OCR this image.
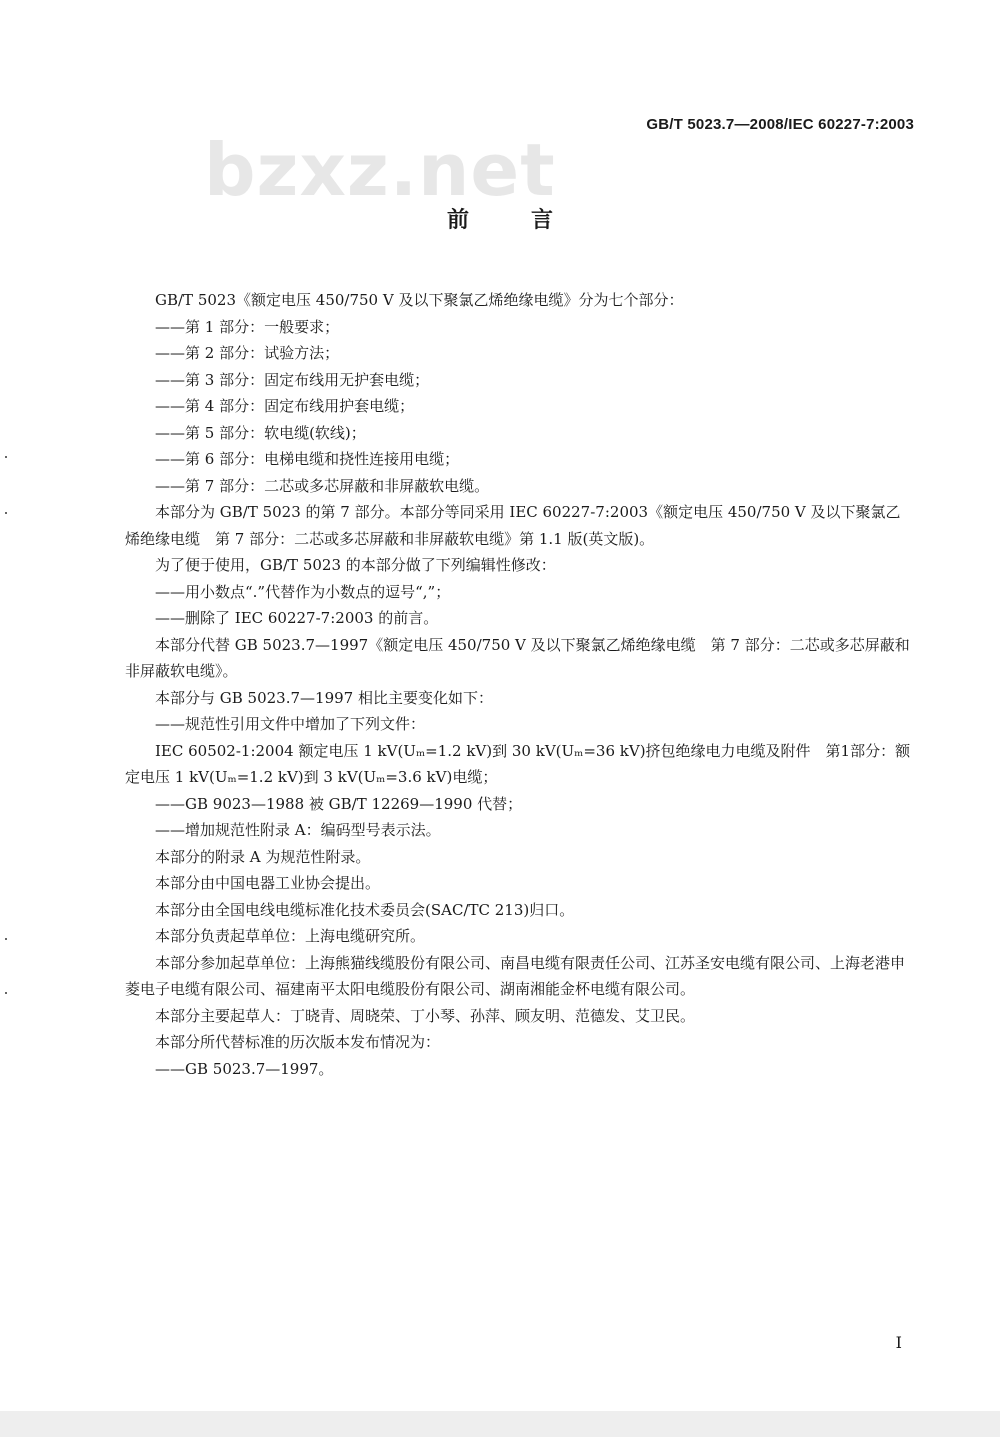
bzxz.net
GB/T 5023.7—2008/IEC 60227-7:2003
前言

GB/T 5023《额定电压 450/750 V 及以下聚氯乙烯绝缘电缆》分为七个部分：

——第 1 部分：一般要求；

——第 2 部分：试验方法；

——第 3 部分：固定布线用无护套电缆；

——第 4 部分：固定布线用护套电缆；

——第 5 部分：软电缆(软线)；

——第 6 部分：电梯电缆和挠性连接用电缆；

——第 7 部分：二芯或多芯屏蔽和非屏蔽软电缆。

本部分为 GB/T 5023 的第 7 部分。本部分等同采用 IEC 60227-7:2003《额定电压 450/750 V 及以下聚氯乙烯绝缘电缆　第 7 部分：二芯或多芯屏蔽和非屏蔽软电缆》第 1.1 版(英文版)。

为了便于使用，GB/T 5023 的本部分做了下列编辑性修改：

——用小数点“.”代替作为小数点的逗号“,”；

——删除了 IEC 60227-7:2003 的前言。

本部分代替 GB 5023.7—1997《额定电压 450/750 V 及以下聚氯乙烯绝缘电缆　第 7 部分：二芯或多芯屏蔽和非屏蔽软电缆》。

本部分与 GB 5023.7—1997 相比主要变化如下：

——规范性引用文件中增加了下列文件：

IEC 60502-1:2004 额定电压 1 kV(Uₘ=1.2 kV)到 30 kV(Uₘ=36 kV)挤包绝缘电力电缆及附件　第1部分：额定电压 1 kV(Uₘ=1.2 kV)到 3 kV(Uₘ=3.6 kV)电缆；

——GB 9023—1988 被 GB/T 12269—1990 代替；

——增加规范性附录 A：编码型号表示法。

本部分的附录 A 为规范性附录。

本部分由中国电器工业协会提出。

本部分由全国电线电缆标准化技术委员会(SAC/TC 213)归口。

本部分负责起草单位：上海电缆研究所。

本部分参加起草单位：上海熊猫线缆股份有限公司、南昌电缆有限责任公司、江苏圣安电缆有限公司、上海老港申菱电子电缆有限公司、福建南平太阳电缆股份有限公司、湖南湘能金杯电缆有限公司。

本部分主要起草人：丁晓青、周晓荣、丁小琴、孙萍、顾友明、范德发、艾卫民。

本部分所代替标准的历次版本发布情况为：

——GB 5023.7—1997。

I
